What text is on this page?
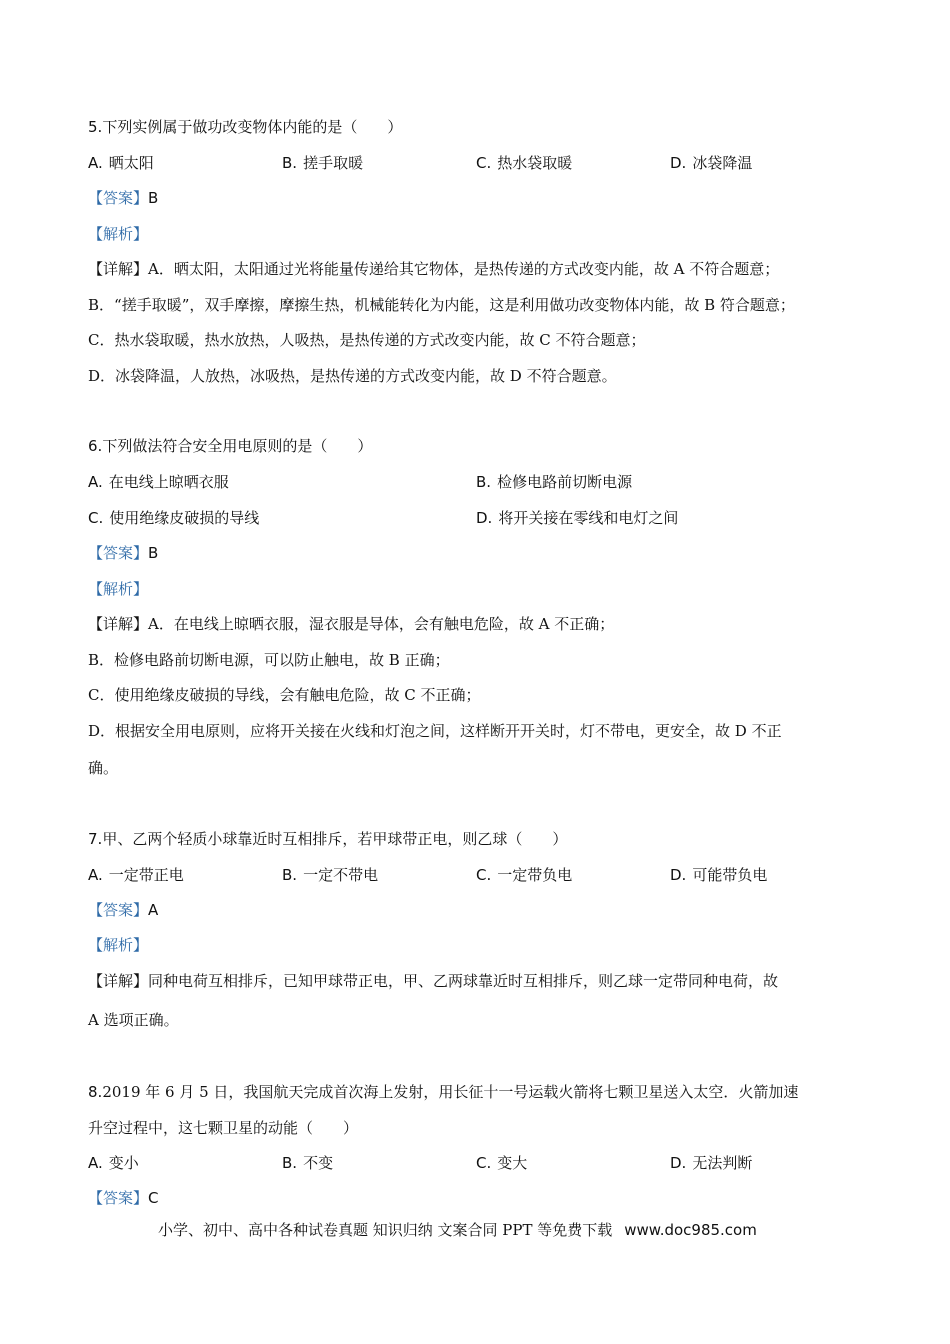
5.下列实例属于做功改变物体内能的是（　　）
A. 晒太阳	B. 搓手取暖	C. 热水袋取暖	D. 冰袋降温
【答案】B
【解析】
【详解】A．晒太阳，太阳通过光将能量传递给其它物体，是热传递的方式改变内能，故 A 不符合题意；
B．“搓手取暖”，双手摩擦，摩擦生热，机械能转化为内能，这是利用做功改变物体内能，故 B 符合题意；
C．热水袋取暖，热水放热，人吸热，是热传递的方式改变内能，故 C 不符合题意；
D．冰袋降温，人放热，冰吸热，是热传递的方式改变内能，故 D 不符合题意。
6.下列做法符合安全用电原则的是（　　）
A. 在电线上晾晒衣服	B. 检修电路前切断电源
C. 使用绝缘皮破损的导线	D. 将开关接在零线和电灯之间
【答案】B
【解析】
【详解】A．在电线上晾晒衣服，湿衣服是导体，会有触电危险，故 A 不正确；
B．检修电路前切断电源，可以防止触电，故 B 正确；
C．使用绝缘皮破损的导线，会有触电危险，故 C 不正确；
D．根据安全用电原则，应将开关接在火线和灯泡之间，这样断开开关时，灯不带电，更安全，故 D 不正
确。
7.甲、乙两个轻质小球靠近时互相排斥，若甲球带正电，则乙球（　　）
A. 一定带正电	B. 一定不带电	C. 一定带负电	D. 可能带负电
【答案】A
【解析】
【详解】同种电荷互相排斥，已知甲球带正电，甲、乙两球靠近时互相排斥，则乙球一定带同种电荷，故
A 选项正确。
8.2019 年 6 月 5 日，我国航天完成首次海上发射，用长征十一号运载火箭将七颗卫星送入太空．火箭加速
升空过程中，这七颗卫星的动能（　　）
A. 变小	B. 不变	C. 变大	D. 无法判断
【答案】C
小学、初中、高中各种试卷真题 知识归纳 文案合同 PPT 等免费下载 www.doc985.com
